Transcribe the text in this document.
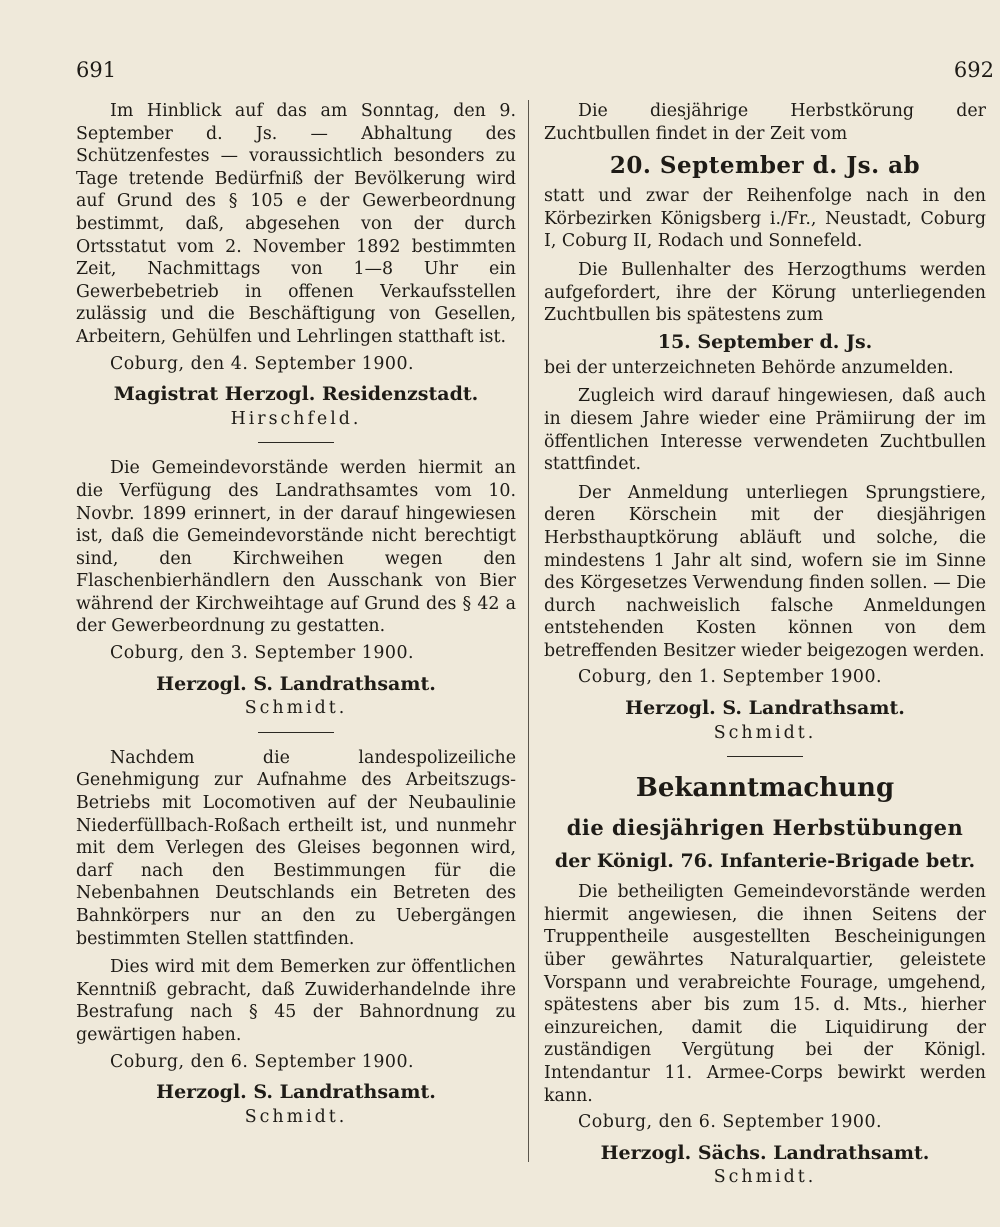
691	692

Im Hinblick auf das am Sonntag, den 9. September d. Js. — Abhaltung des Schützenfestes — voraussichtlich besonders zu Tage tretende Bedürfniß der Bevölkerung wird auf Grund des § 105 e der Gewerbeordnung bestimmt, daß, abgesehen von der durch Ortsstatut vom 2. November 1892 bestimmten Zeit, Nachmittags von 1—8 Uhr ein Gewerbebetrieb in offenen Verkaufsstellen zulässig und die Beschäftigung von Gesellen, Arbeitern, Gehülfen und Lehrlingen statthaft ist.

Coburg, den 4. September 1900.

Magistrat Herzogl. Residenzstadt.
Hirschfeld.

Die Gemeindevorstände werden hiermit an die Verfügung des Landrathsamtes vom 10. Novbr. 1899 erinnert, in der darauf hingewiesen ist, daß die Gemeindevorstände nicht berechtigt sind, den Kirchweihen wegen den Flaschenbierhändlern den Ausschank von Bier während der Kirchweihtage auf Grund des § 42 a der Gewerbeordnung zu gestatten.

Coburg, den 3. September 1900.

Herzogl. S. Landrathsamt.
Schmidt.

Nachdem die landespolizeiliche Genehmigung zur Aufnahme des Arbeitszugs-Betriebs mit Locomotiven auf der Neubaulinie Niederfüllbach-Roßach ertheilt ist, und nunmehr mit dem Verlegen des Gleises begonnen wird, darf nach den Bestimmungen für die Nebenbahnen Deutschlands ein Betreten des Bahnkörpers nur an den zu Uebergängen bestimmten Stellen stattfinden.

Dies wird mit dem Bemerken zur öffentlichen Kenntniß gebracht, daß Zuwiderhandelnde ihre Bestrafung nach § 45 der Bahnordnung zu gewärtigen haben.

Coburg, den 6. September 1900.

Herzogl. S. Landrathsamt.
Schmidt.

Die diesjährige Herbstkörung der Zuchtbullen findet in der Zeit vom

20. September d. Js. ab

statt und zwar der Reihenfolge nach in den Körbezirken Königsberg i./Fr., Neustadt, Coburg I, Coburg II, Rodach und Sonnefeld.

Die Bullenhalter des Herzogthums werden aufgefordert, ihre der Körung unterliegenden Zuchtbullen bis spätestens zum

15. September d. Js.

bei der unterzeichneten Behörde anzumelden.

Zugleich wird darauf hingewiesen, daß auch in diesem Jahre wieder eine Prämiirung der im öffentlichen Interesse verwendeten Zuchtbullen stattfindet.

Der Anmeldung unterliegen Sprungstiere, deren Körschein mit der diesjährigen Herbsthauptkörung abläuft und solche, die mindestens 1 Jahr alt sind, wofern sie im Sinne des Körgesetzes Verwendung finden sollen. — Die durch nachweislich falsche Anmeldungen entstehenden Kosten können von dem betreffenden Besitzer wieder beigezogen werden.

Coburg, den 1. September 1900.

Herzogl. S. Landrathsamt.
Schmidt.
Bekanntmachung
die diesjährigen Herbstübungen
der Königl. 76. Infanterie-Brigade betr.

Die betheiligten Gemeindevorstände werden hiermit angewiesen, die ihnen Seitens der Truppentheile ausgestellten Bescheinigungen über gewährtes Naturalquartier, geleistete Vorspann und verabreichte Fourage, umgehend, spätestens aber bis zum 15. d. Mts., hierher einzureichen, damit die Liquidirung der zuständigen Vergütung bei der Königl. Intendantur 11. Armee-Corps bewirkt werden kann.

Coburg, den 6. September 1900.

Herzogl. Sächs. Landrathsamt.
Schmidt.
